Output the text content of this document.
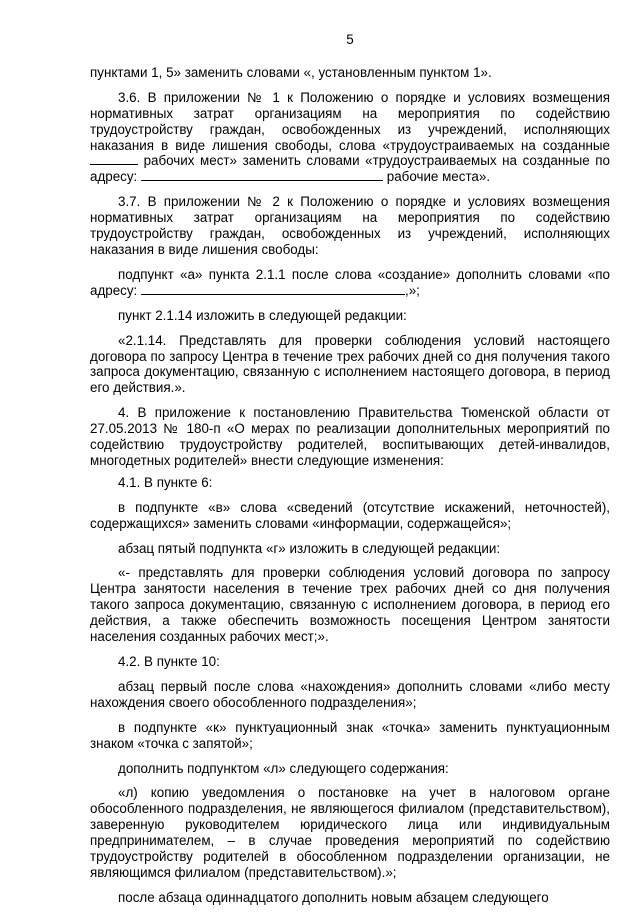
5

пунктами 1, 5» заменить словами «, установленным пунктом 1».

3.6. В приложении № 1 к Положению о порядке и условиях возмещения нормативных затрат организациям на мероприятия по содействию трудоустройству граждан, освобожденных из учреждений, исполняющих наказания в виде лишения свободы, слова «трудоустраиваемых на созданные  рабочих мест» заменить словами «трудоустраиваемых на созданные по адресу:	рабочие места».

3.7. В приложении № 2 к Положению о порядке и условиях возмещения нормативных затрат организациям на мероприятия по содействию трудоустройству граждан, освобожденных из учреждений, исполняющих наказания в виде лишения свободы:

подпункт «а» пункта 2.1.1 после слова «создание» дополнить словами «по адресу:	,»;

пункт 2.1.14 изложить в следующей редакции:

«2.1.14. Представлять для проверки соблюдения условий настоящего договора по запросу Центра в течение трех рабочих дней со дня получения такого запроса документацию, связанную с исполнением настоящего договора, в период его действия.».

4. В приложение к постановлению Правительства Тюменской области от 27.05.2013 № 180-п «О мерах по реализации дополнительных мероприятий по содействию трудоустройству родителей, воспитывающих детей-инвалидов, многодетных родителей» внести следующие изменения:

4.1. В пункте 6:

в подпункте «в» слова «сведений (отсутствие искажений, неточностей), содержащихся» заменить словами «информации, содержащейся»;

абзац пятый подпункта «г» изложить в следующей редакции:

«- представлять для проверки соблюдения условий договора по запросу Центра занятости населения в течение трех рабочих дней со дня получения такого запроса документацию, связанную с исполнением договора, в период его действия, а также обеспечить возможность посещения Центром занятости населения созданных рабочих мест;».

4.2. В пункте 10:

абзац первый после слова «нахождения» дополнить словами «либо месту нахождения своего обособленного подразделения»;

в подпункте «к» пунктуационный знак «точка» заменить пунктуационным знаком «точка с запятой»;

дополнить подпунктом «л» следующего содержания:

«л) копию уведомления о постановке на учет в налоговом органе обособленного подразделения, не являющегося филиалом (представительством), заверенную руководителем юридического лица или индивидуальным предпринимателем, – в случае проведения мероприятий по содействию трудоустройству родителей в обособленном подразделении организации, не являющимся филиалом (представительством).»;

после абзаца одиннадцатого дополнить новым абзацем следующего
